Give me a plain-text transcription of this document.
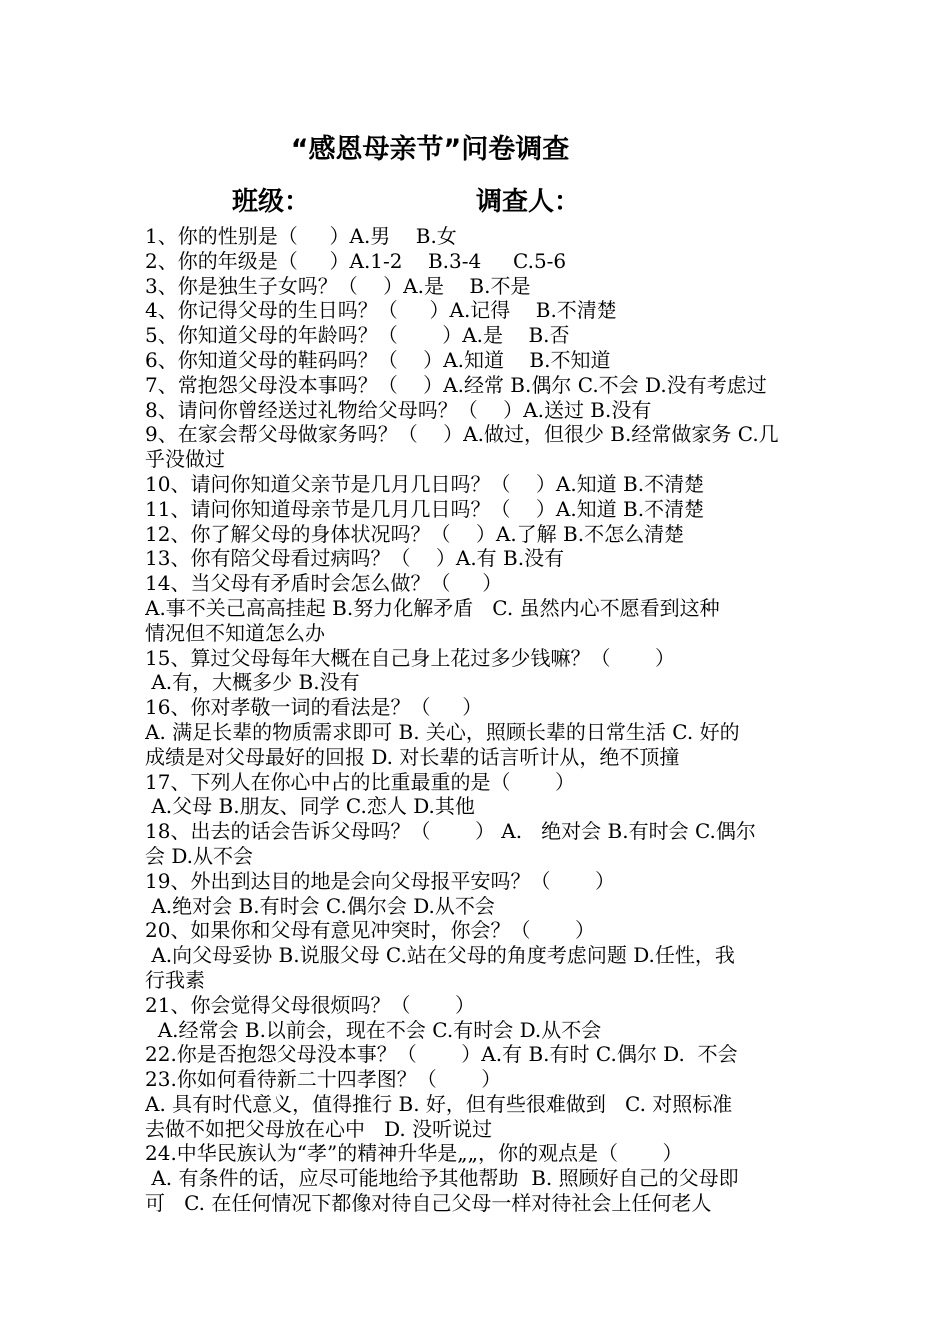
“感恩母亲节”问卷调查
班级：	调查人：
1、你的性别是（     ）A.男    B.女
2、你的年级是（     ）A.1-2    B.3-4     C.5-6
3、你是独生子女吗？（    ）A.是    B.不是
4、你记得父母的生日吗？（     ）A.记得    B.不清楚
5、你知道父母的年龄吗？（       ）A.是    B.否
6、你知道父母的鞋码吗？（    ）A.知道    B.不知道
7、常抱怨父母没本事吗？（    ）A.经常 B.偶尔 C.不会 D.没有考虑过
8、请问你曾经送过礼物给父母吗？（    ）A.送过 B.没有
9、在家会帮父母做家务吗？（    ）A.做过，但很少 B.经常做家务 C.几
乎没做过
10、请问你知道父亲节是几月几日吗？（    ）A.知道 B.不清楚
11、请问你知道母亲节是几月几日吗？（    ）A.知道 B.不清楚
12、你了解父母的身体状况吗？（    ）A.了解 B.不怎么清楚
13、你有陪父母看过病吗？（    ）A.有 B.没有
14、当父母有矛盾时会怎么做？（     ）
A.事不关己高高挂起 B.努力化解矛盾   C. 虽然内心不愿看到这种
情况但不知道怎么办
15、算过父母每年大概在自己身上花过多少钱嘛？（       ）
A.有，大概多少 B.没有
16、你对孝敬一词的看法是？（     ）
A. 满足长辈的物质需求即可 B. 关心，照顾长辈的日常生活 C. 好的
成绩是对父母最好的回报 D. 对长辈的话言听计从，绝不顶撞
17、下列人在你心中占的比重最重的是（       ）
A.父母 B.朋友、同学 C.恋人 D.其他
18、出去的话会告诉父母吗？（       ） A.   绝对会 B.有时会 C.偶尔
会 D.从不会
19、外出到达目的地是会向父母报平安吗？（       ）
A.绝对会 B.有时会 C.偶尔会 D.从不会
20、如果你和父母有意见冲突时，你会？（       ）
A.向父母妥协 B.说服父母 C.站在父母的角度考虑问题 D.任性，我
行我素
21、你会觉得父母很烦吗？（       ）
A.经常会 B.以前会，现在不会 C.有时会 D.从不会
22.你是否抱怨父母没本事？（       ）A.有 B.有时 C.偶尔 D.  不会
23.你如何看待新二十四孝图？（       ）
A. 具有时代意义，值得推行 B. 好，但有些很难做到   C. 对照标准
去做不如把父母放在心中   D. 没听说过
24.中华民族认为“孝”的精神升华是„„，你的观点是（       ）
A. 有条件的话，应尽可能地给予其他帮助  B. 照顾好自己的父母即
可   C. 在任何情况下都像对待自己父母一样对待社会上任何老人
